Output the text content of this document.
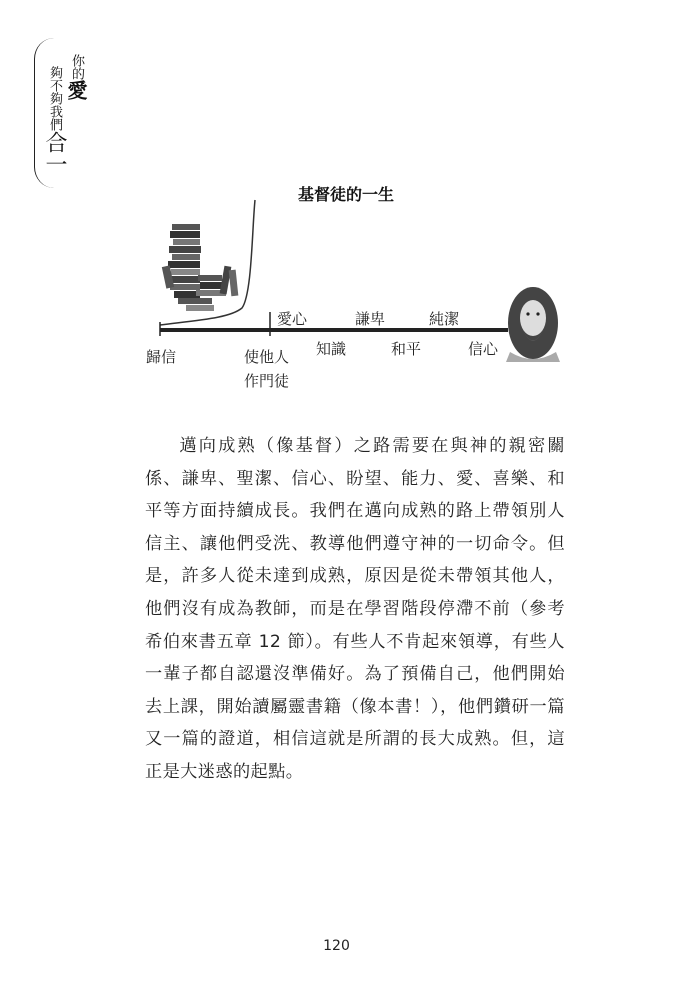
你的愛
夠不夠我們合一
基督徒的一生
歸信	使他人
作門徒
愛心	謙卑	純潔
知識	和平	信心
邁向成熟（像基督）之路需要在與神的親密關係、謙卑、聖潔、信心、盼望、能力、愛、喜樂、和平等方面持續成長。我們在邁向成熟的路上帶領別人信主、讓他們受洗、教導他們遵守神的一切命令。但是，許多人從未達到成熟，原因是從未帶領其他人，他們沒有成為教師，而是在學習階段停滯不前（參考希伯來書五章 12 節）。有些人不肯起來領導，有些人一輩子都自認還沒準備好。為了預備自己，他們開始去上課，開始讀屬靈書籍（像本書！），他們鑽研一篇又一篇的證道，相信這就是所謂的長大成熟。但，這正是大迷惑的起點。
120
